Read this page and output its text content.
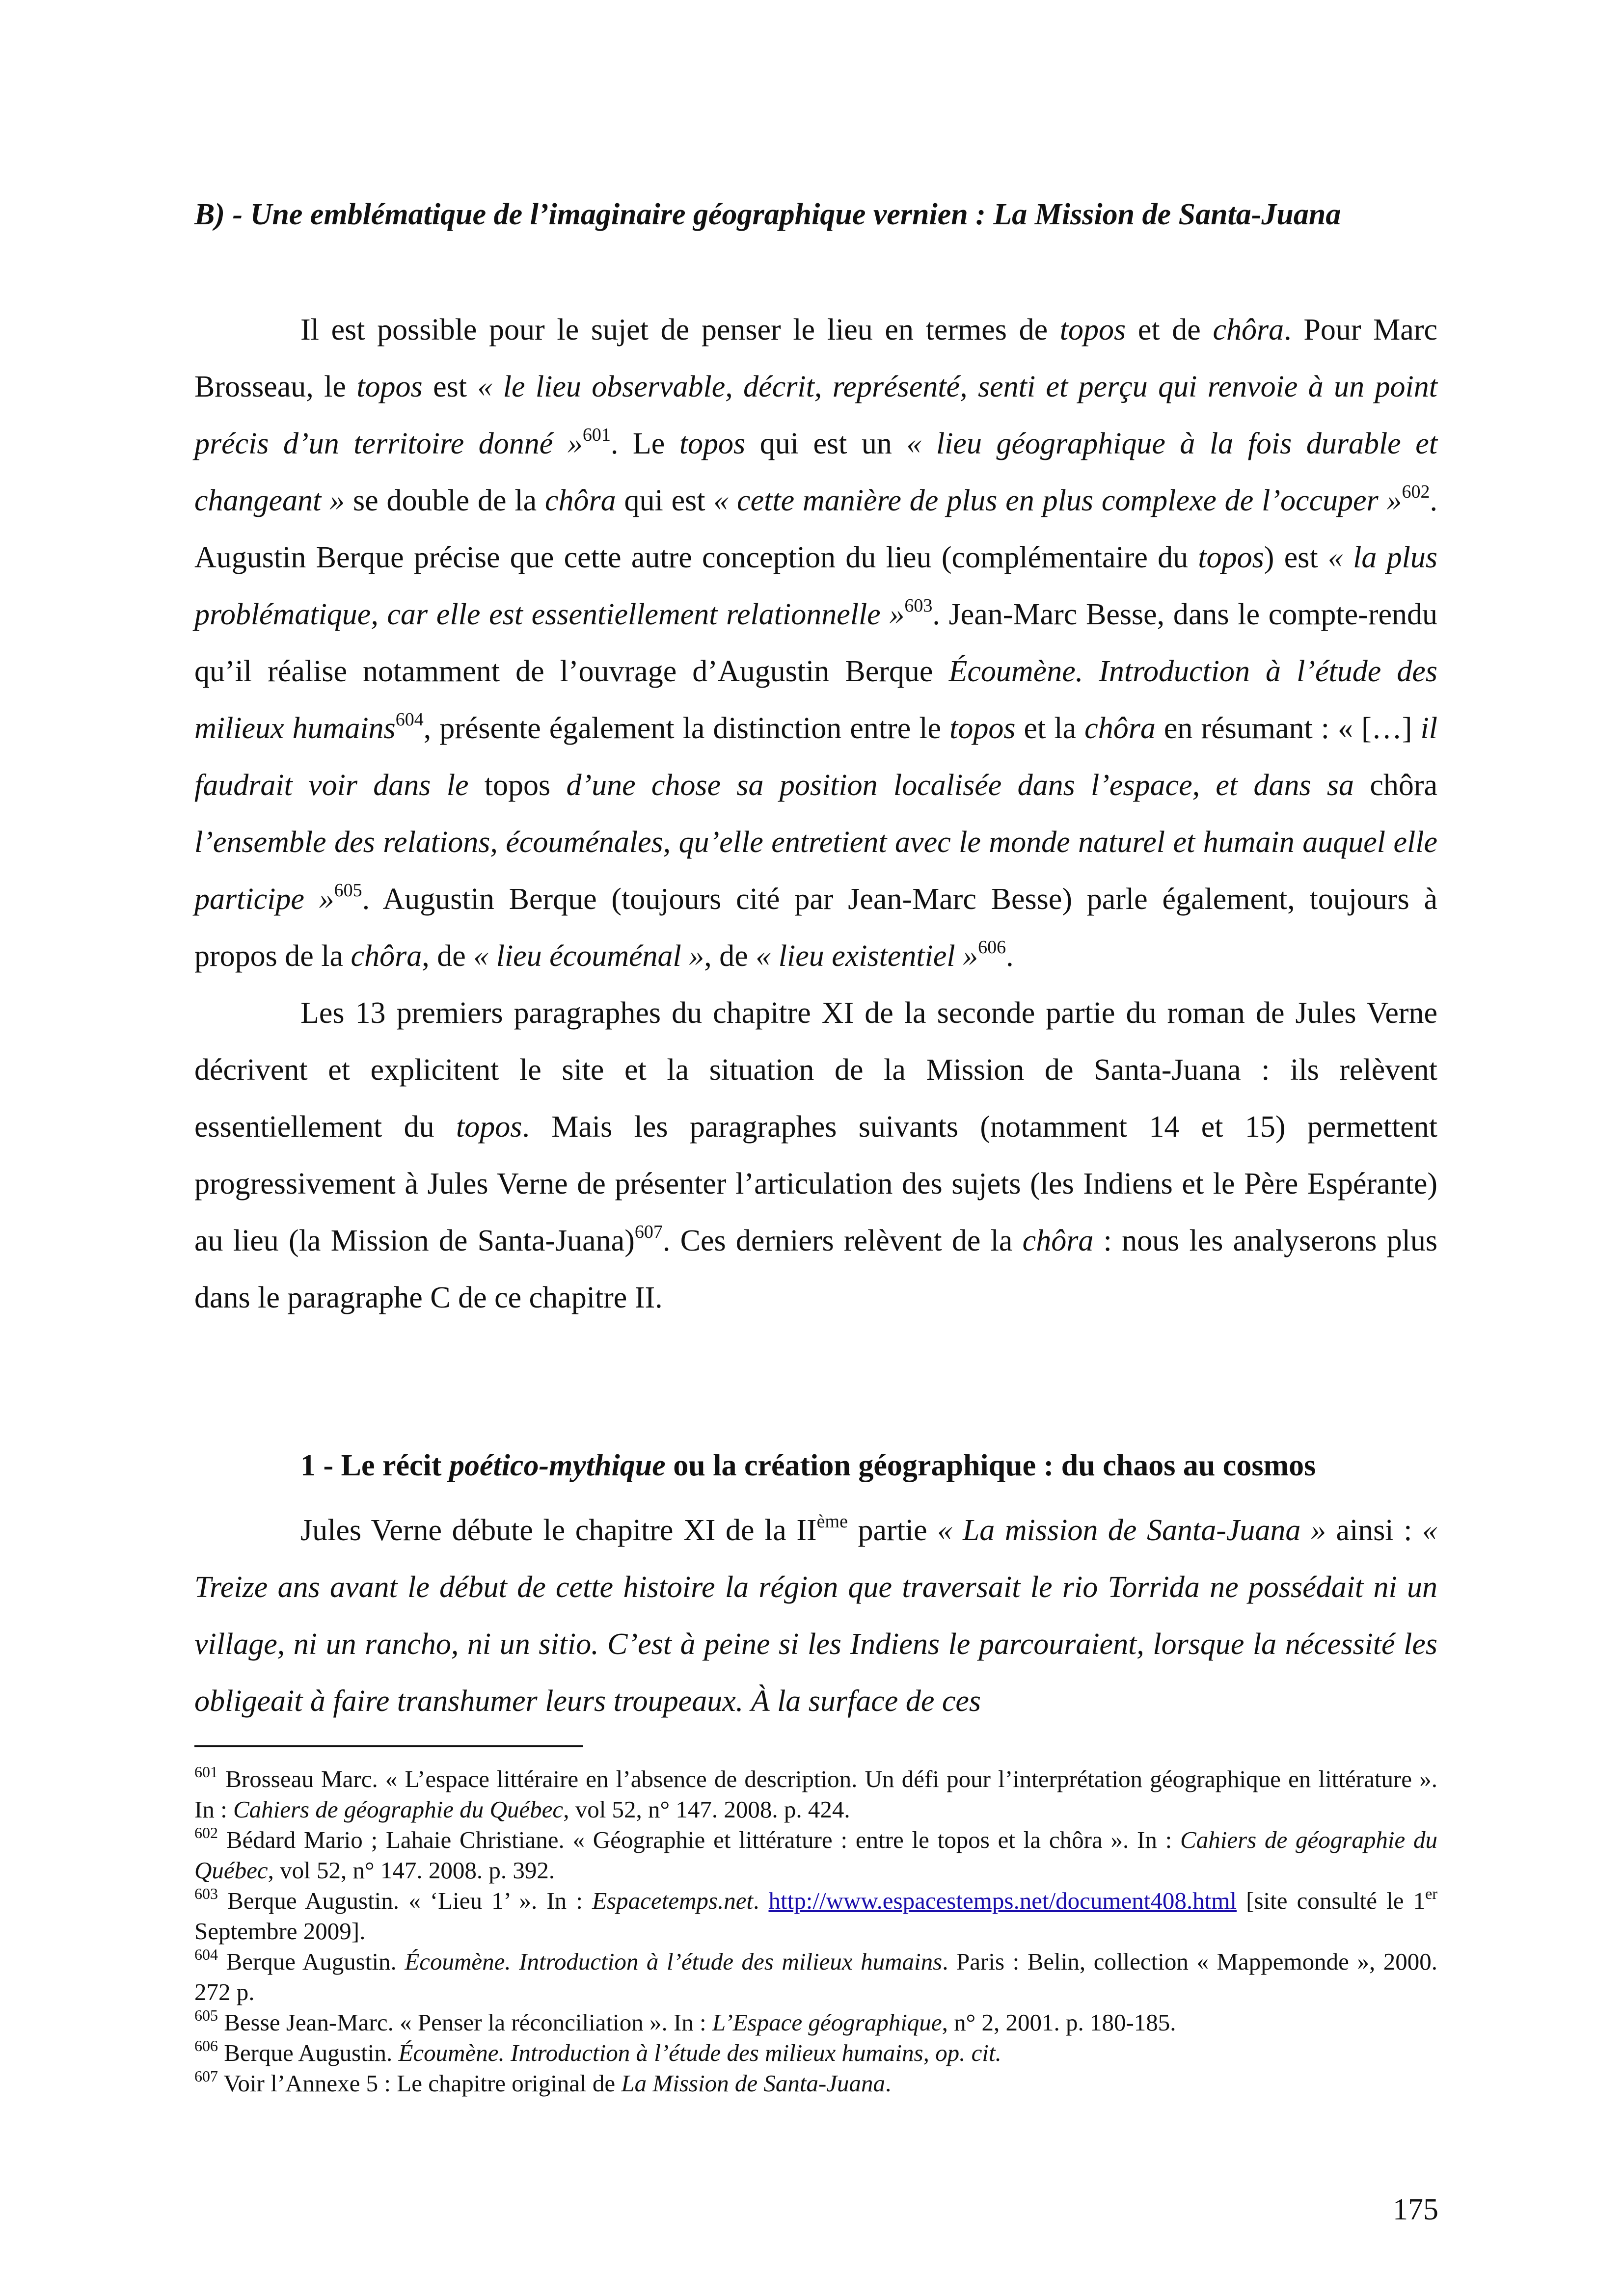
B) - Une emblématique de l’imaginaire géographique vernien : La Mission de Santa-Juana

Il est possible pour le sujet de penser le lieu en termes de topos et de chôra. Pour Marc Brosseau, le topos est « le lieu observable, décrit, représenté, senti et perçu qui renvoie à un point précis d’un territoire donné »$^{601}$. Le topos qui est un « lieu géographique à la fois durable et changeant » se double de la chôra qui est « cette manière de plus en plus complexe de l’occuper »$^{602}$. Augustin Berque précise que cette autre conception du lieu (complémentaire du topos) est « la plus problématique, car elle est essentiellement relationnelle »$^{603}$. Jean-Marc Besse, dans le compte-rendu qu’il réalise notamment de l’ouvrage d’Augustin Berque Écoumène. Introduction à l’étude des milieux humains$^{604}$, présente également la distinction entre le topos et la chôra en résumant : « […] il faudrait voir dans le topos d’une chose sa position localisée dans l’espace, et dans sa chôra l’ensemble des relations, écouménales, qu’elle entretient avec le monde naturel et humain auquel elle participe »$^{605}$. Augustin Berque (toujours cité par Jean-Marc Besse) parle également, toujours à propos de la chôra, de « lieu écouménal », de « lieu existentiel »$^{606}$.

Les 13 premiers paragraphes du chapitre XI de la seconde partie du roman de Jules Verne décrivent et explicitent le site et la situation de la Mission de Santa-Juana : ils relèvent essentiellement du topos. Mais les paragraphes suivants (notamment 14 et 15) permettent progressivement à Jules Verne de présenter l’articulation des sujets (les Indiens et le Père Espérante) au lieu (la Mission de Santa-Juana)$^{607}$. Ces derniers relèvent de la chôra : nous les analyserons plus dans le paragraphe C de ce chapitre II.

1 - Le récit poético-mythique ou la création géographique : du chaos au cosmos

Jules Verne débute le chapitre XI de la IIème partie « La mission de Santa-Juana » ainsi : « Treize ans avant le début de cette histoire la région que traversait le rio Torrida ne possédait ni un village, ni un rancho, ni un sitio. C’est à peine si les Indiens le parcouraient, lorsque la nécessité les obligeait à faire transhumer leurs troupeaux. À la surface de ces

$^{601}$ Brosseau Marc. « L’espace littéraire en l’absence de description. Un défi pour l’interprétation géographique en littérature ». In : Cahiers de géographie du Québec, vol 52, n° 147. 2008. p. 424.

$^{602}$ Bédard Mario ; Lahaie Christiane. « Géographie et littérature : entre le topos et la chôra ». In : Cahiers de géographie du Québec, vol 52, n° 147. 2008. p. 392.

$^{603}$ Berque Augustin. « ‘Lieu 1’ ». In : Espacetemps.net. http://www.espacestemps.net/document408.html [site consulté le 1er Septembre 2009].

$^{604}$ Berque Augustin. Écoumène. Introduction à l’étude des milieux humains. Paris : Belin, collection « Mappemonde », 2000. 272 p.

$^{605}$ Besse Jean-Marc. « Penser la réconciliation ». In : L’Espace géographique, n° 2, 2001. p. 180-185.

$^{606}$ Berque Augustin. Écoumène. Introduction à l’étude des milieux humains, op. cit.

$^{607}$ Voir l’Annexe 5 : Le chapitre original de La Mission de Santa-Juana.

175
